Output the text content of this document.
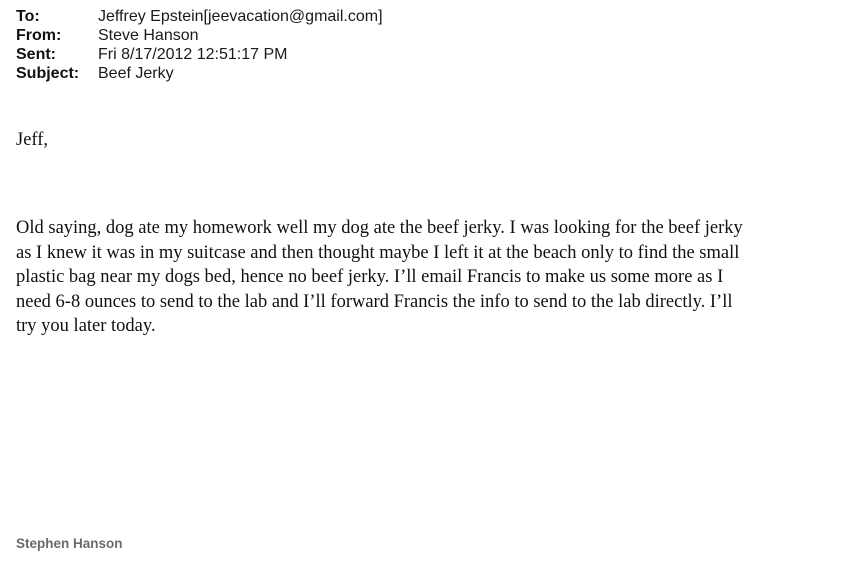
To:	Jeffrey Epstein[jeevacation@gmail.com]
From:	Steve Hanson
Sent:	Fri 8/17/2012 12:51:17 PM
Subject:	Beef Jerky
Jeff,
Old saying, dog ate my homework well my dog ate the beef jerky. I was looking for the beef jerky
as I knew it was in my suitcase and then thought maybe I left it at the beach only to find the small
plastic bag near my dogs bed, hence no beef jerky. I’ll email Francis to make us some more as I
need 6-8 ounces to send to the lab and I’ll forward Francis the info to send to the lab directly. I’ll
try you later today.
Stephen Hanson
